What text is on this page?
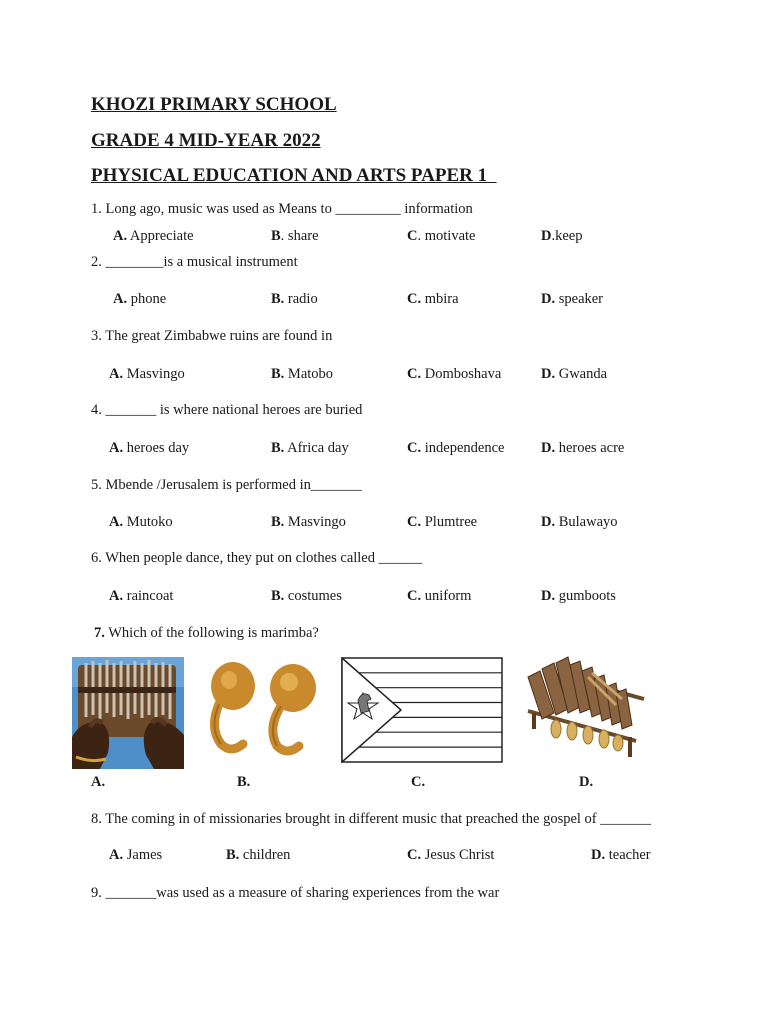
KHOZI PRIMARY SCHOOL
GRADE 4 MID-YEAR 2022
PHYSICAL EDUCATION AND ARTS PAPER 1
1. Long ago, music was used as Means to _________ information
A. Appreciate	B. share	C. motivate	D.keep
2. ________is a musical instrument
A. phone	B. radio	C. mbira	D. speaker
3. The great Zimbabwe ruins are found in
A. Masvingo	B. Matobo	C. Domboshava	D. Gwanda
4. _______ is where national heroes are buried
A. heroes day	B. Africa day	C. independence	D. heroes acre
5. Mbende /Jerusalem is performed in_______
A. Mutoko	B. Masvingo	C. Plumtree	D. Bulawayo
6. When people dance, they put on clothes called ______
A. raincoat	B. costumes	C. uniform	D. gumboots
7. Which of the following is marimba?
A.	B.	C.	D.
8. The coming in of missionaries brought in different music that preached the gospel of _______
A. James	B. children	C. Jesus Christ	D. teacher
9. _______was used as a measure of sharing experiences from the war
